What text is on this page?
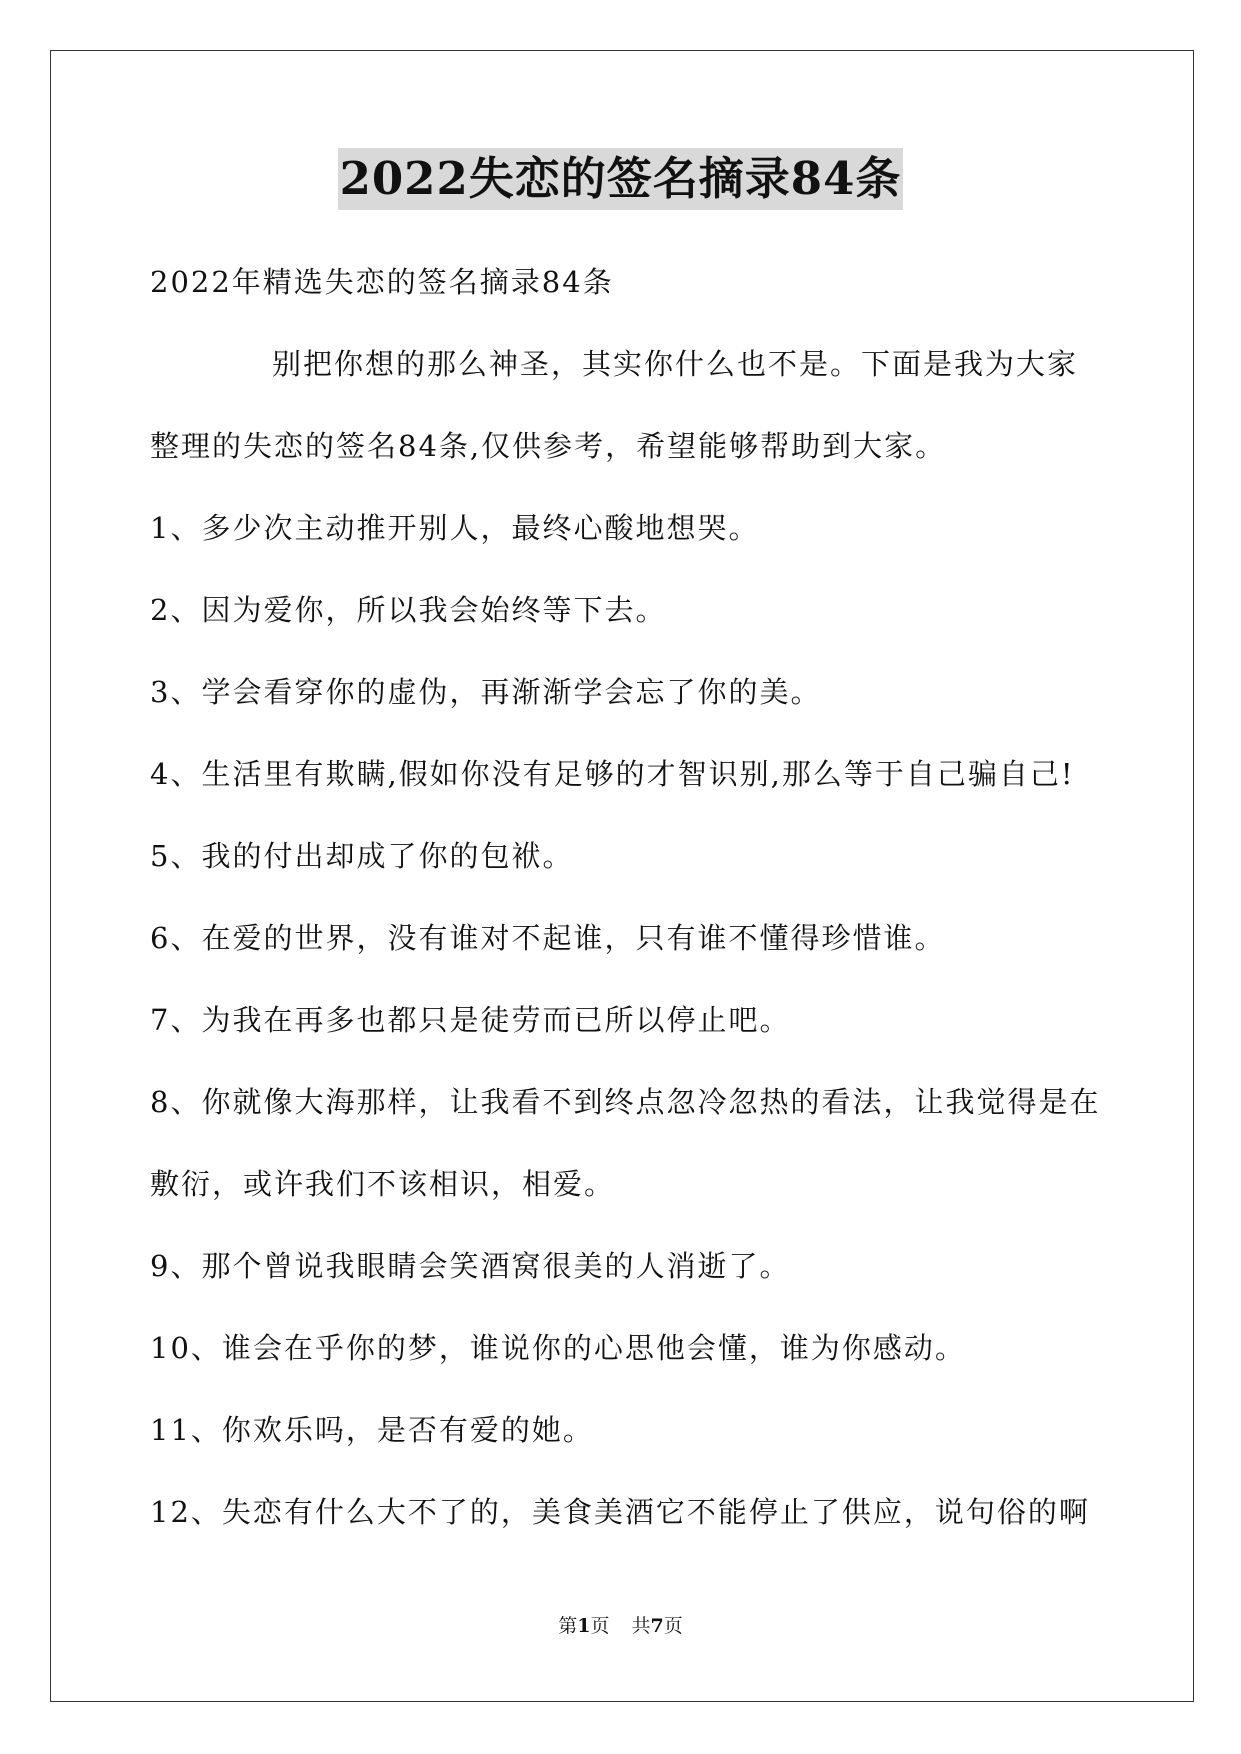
2022失恋的签名摘录84条
2022年精选失恋的签名摘录84条
别把你想的那么神圣，其实你什么也不是。下面是我为大家
整理的失恋的签名84条,仅供参考，希望能够帮助到大家。
1、多少次主动推开别人，最终心酸地想哭。
2、因为爱你，所以我会始终等下去。
3、学会看穿你的虚伪，再渐渐学会忘了你的美。
4、生活里有欺瞒,假如你没有足够的才智识别,那么等于自己骗自己!
5、我的付出却成了你的包袱。
6、在爱的世界，没有谁对不起谁，只有谁不懂得珍惜谁。
7、为我在再多也都只是徒劳而已所以停止吧。
8、你就像大海那样，让我看不到终点忽冷忽热的看法，让我觉得是在
敷衍，或许我们不该相识，相爱。
9、那个曾说我眼睛会笑酒窝很美的人消逝了。
10、谁会在乎你的梦，谁说你的心思他会懂，谁为你感动。
11、你欢乐吗，是否有爱的她。
12、失恋有什么大不了的，美食美酒它不能停止了供应，说句俗的啊
第1页 共7页
